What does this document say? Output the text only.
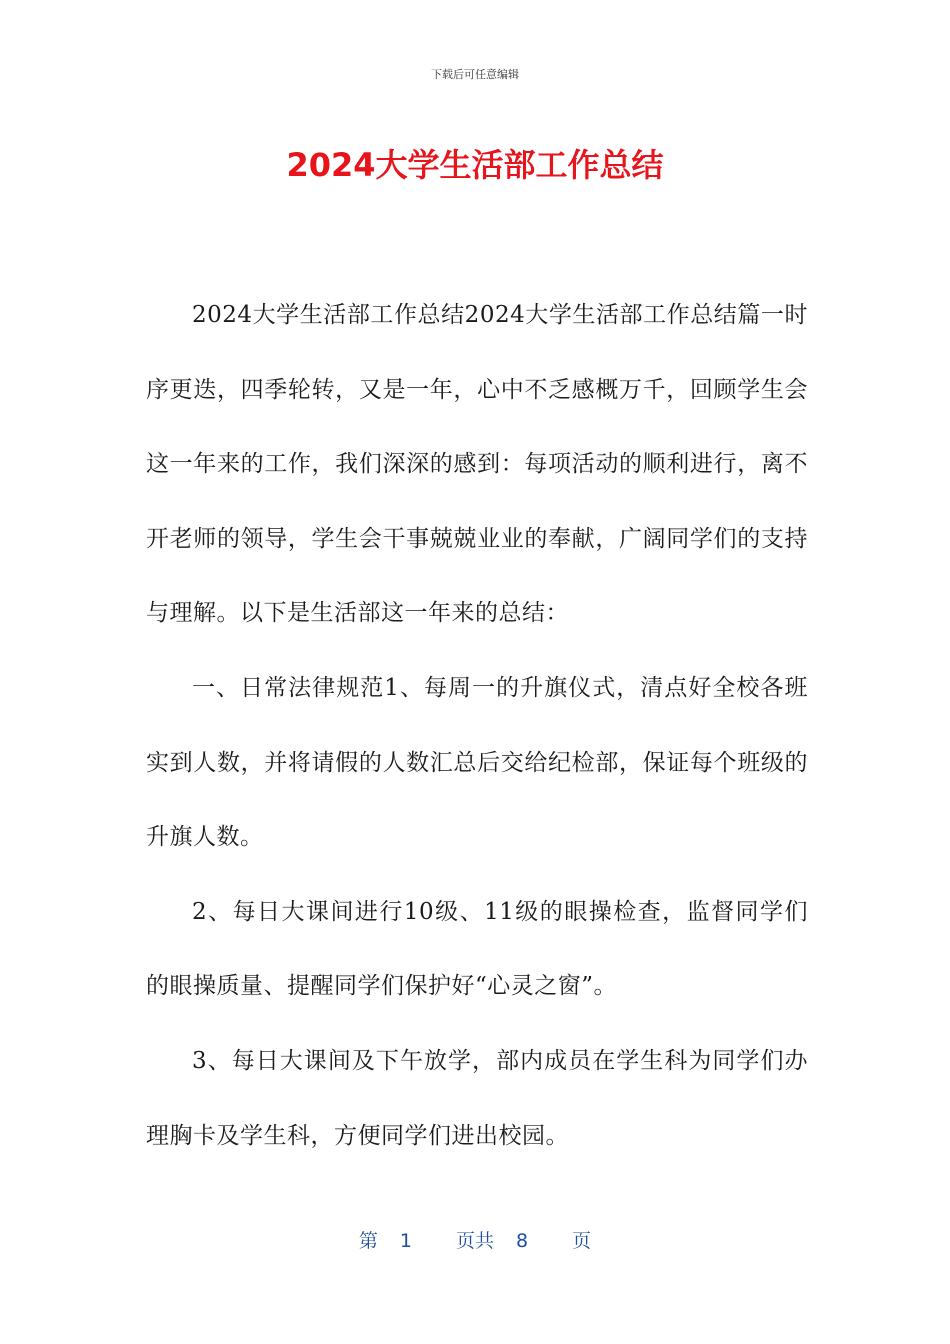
下载后可任意编辑
2024大学生活部工作总结

2024大学生活部工作总结2024大学生活部工作总结篇一时序更迭，四季轮转，又是一年，心中不乏感概万千，回顾学生会这一年来的工作，我们深深的感到：每项活动的顺利进行，离不开老师的领导，学生会干事兢兢业业的奉献，广阔同学们的支持与理解。以下是生活部这一年来的总结：

一、日常法律规范1、每周一的升旗仪式，清点好全校各班实到人数，并将请假的人数汇总后交给纪检部，保证每个班级的升旗人数。

2、每日大课间进行10级、11级的眼操检查，监督同学们的眼操质量、提醒同学们保护好“心灵之窗”。

3、每日大课间及下午放学，部内成员在学生科为同学们办理胸卡及学生科，方便同学们进出校园。

第 1 页共 8 页
